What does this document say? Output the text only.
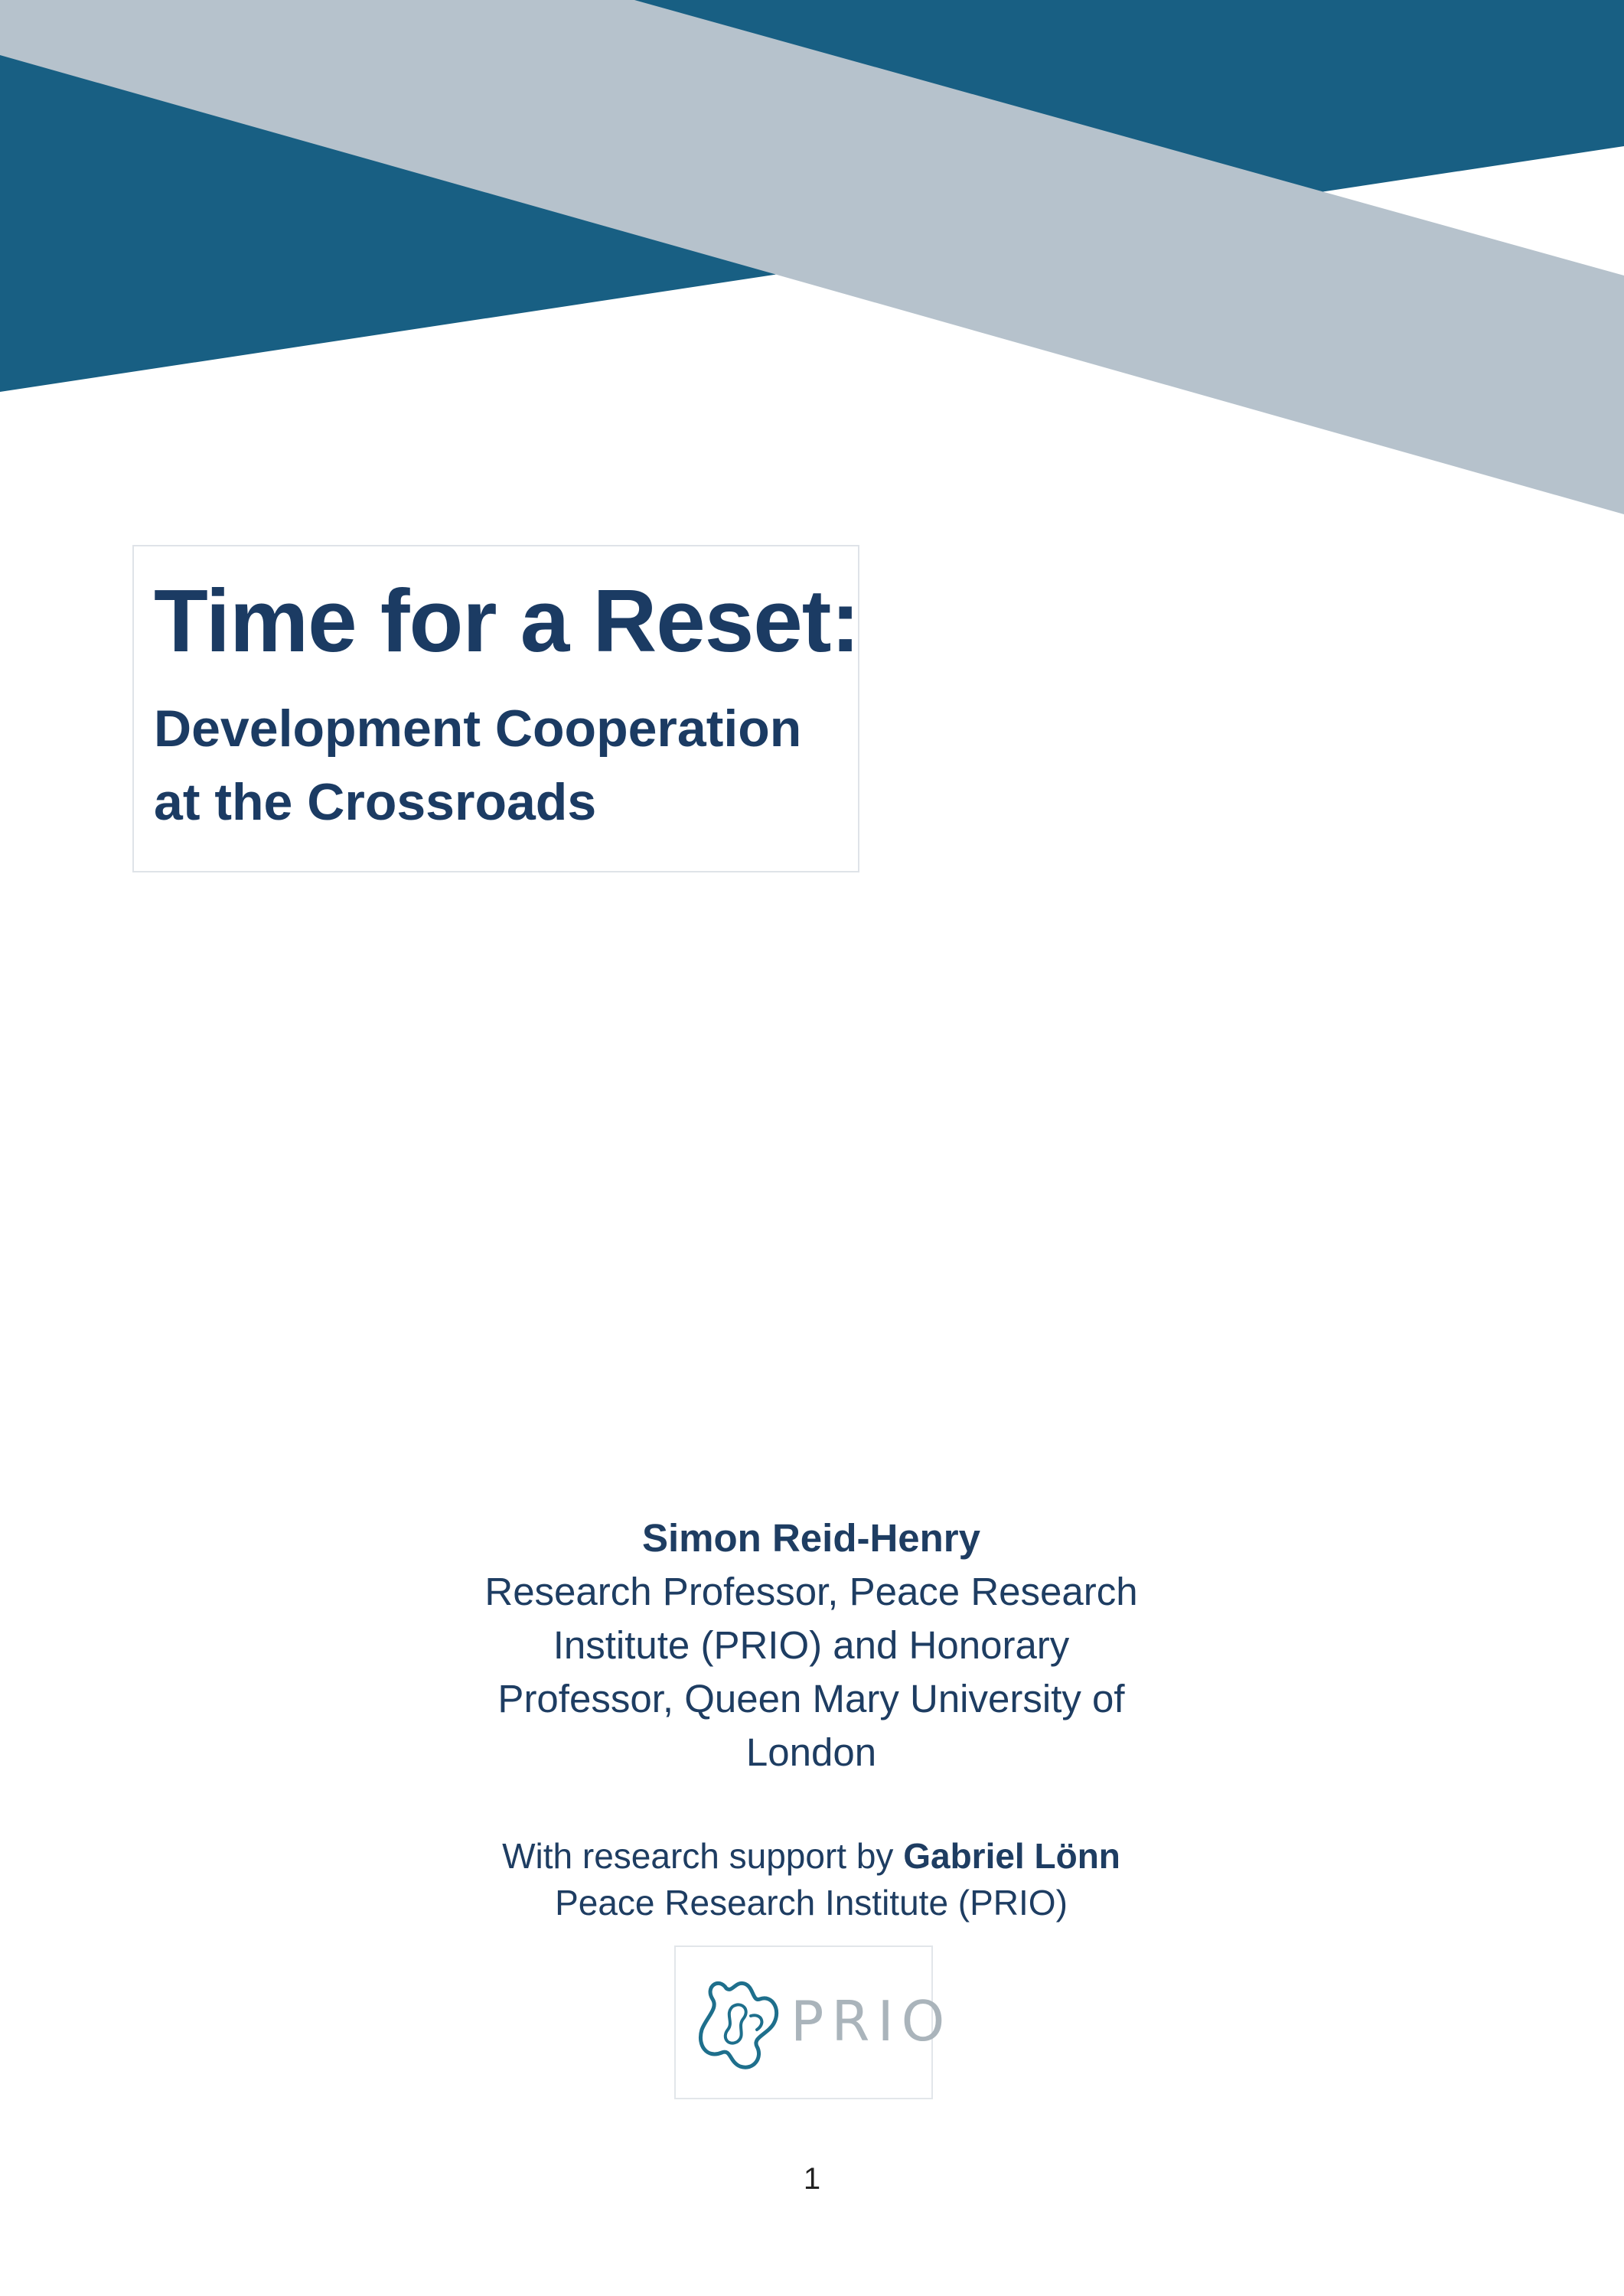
Time for a Reset:
Development Cooperation
at the Crossroads
Simon Reid-Henry
Research Professor, Peace Research
Institute (PRIO) and Honorary
Professor, Queen Mary University of
London
With research support by Gabriel Lönn
Peace Research Institute (PRIO)
PRIO
1
